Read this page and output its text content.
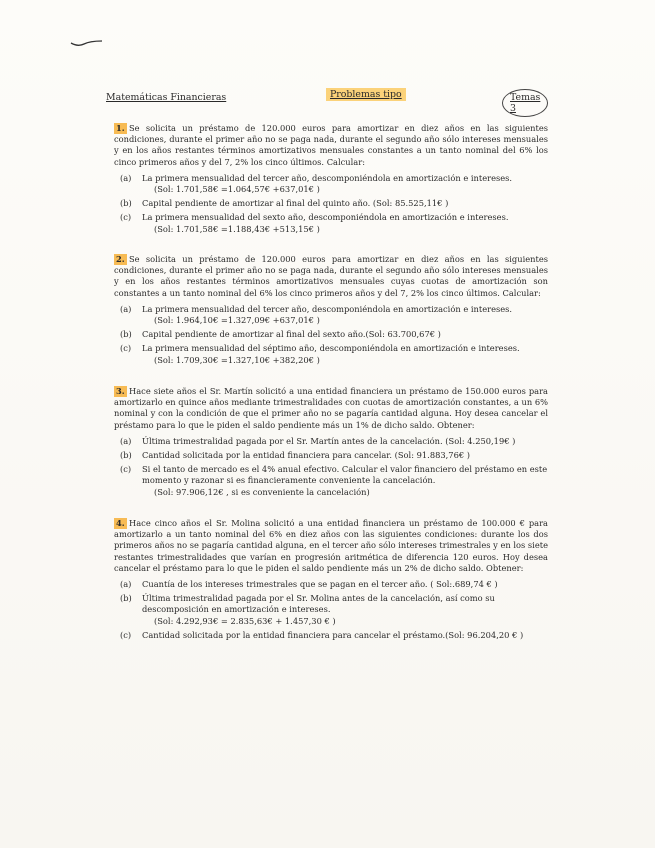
Matemáticas Financieras	Problemas tipo	Temas 3
1. Se solicita un préstamo de 120.000 euros para amortizar en diez años en las siguientes condiciones, durante el primer año no se paga nada, durante el segundo año sólo intereses mensuales y en los años restantes términos amortizativos mensuales constantes a un tanto nominal del 6% los cinco primeros años y del 7, 2% los cinco últimos. Calcular:

(a) La primera mensualidad del tercer año, descomponiéndola en amortización e intereses.
(Sol: 1.701,58€ =1.064,57€ +637,01€ )
(b) Capital pendiente de amortizar al final del quinto año. (Sol: 85.525,11€ )
(c) La primera mensualidad del sexto año, descomponiéndola en amortización e intereses.
(Sol: 1.701,58€ =1.188,43€ +513,15€ )
2. Se solicita un préstamo de 120.000 euros para amortizar en diez años en las siguientes condiciones, durante el primer año no se paga nada, durante el segundo año sólo intereses mensuales y en los años restantes términos amortizativos mensuales cuyas cuotas de amortización son constantes a un tanto nominal del 6% los cinco primeros años y del 7, 2% los cinco últimos. Calcular:

(a) La primera mensualidad del tercer año, descomponiéndola en amortización e intereses.
(Sol: 1.964,10€ =1.327,09€ +637,01€ )
(b) Capital pendiente de amortizar al final del sexto año.(Sol: 63.700,67€ )
(c) La primera mensualidad del séptimo año, descomponiéndola en amortización e intereses.
(Sol: 1.709,30€ =1.327,10€ +382,20€ )
3. Hace siete años el Sr. Martín solicitó a una entidad financiera un préstamo de 150.000 euros para amortizarlo en quince años mediante trimestralidades con cuotas de amortización constantes, a un 6% nominal y con la condición de que el primer año no se pagaría cantidad alguna. Hoy desea cancelar el préstamo para lo que le piden el saldo pendiente más un 1% de dicho saldo. Obtener:

(a) Última trimestralidad pagada por el Sr. Martín antes de la cancelación. (Sol: 4.250,19€ )
(b) Cantidad solicitada por la entidad financiera para cancelar. (Sol: 91.883,76€ )
(c) Si el tanto de mercado es el 4% anual efectivo. Calcular el valor financiero del préstamo en este momento y razonar si es financieramente conveniente la cancelación.
(Sol: 97.906,12€ , si es conveniente la cancelación)
4. Hace cinco años el Sr. Molina solicitó a una entidad financiera un préstamo de 100.000 € para amortizarlo a un tanto nominal del 6% en diez años con las siguientes condiciones: durante los dos primeros años no se pagaría cantidad alguna, en el tercer año sólo intereses trimestrales y en los siete restantes trimestralidades que varían en progresión aritmética de diferencia 120 euros. Hoy desea cancelar el préstamo para lo que le piden el saldo pendiente más un 2% de dicho saldo. Obtener:

(a) Cuantía de los intereses trimestrales que se pagan en el tercer año. ( Sol:.689,74 € )
(b) Última trimestralidad pagada por el Sr. Molina antes de la cancelación, así como su descomposición en amortización e intereses.
(Sol: 4.292,93€ = 2.835,63€ + 1.457,30 € )
(c) Cantidad solicitada por la entidad financiera para cancelar el préstamo.(Sol: 96.204,20 € )
